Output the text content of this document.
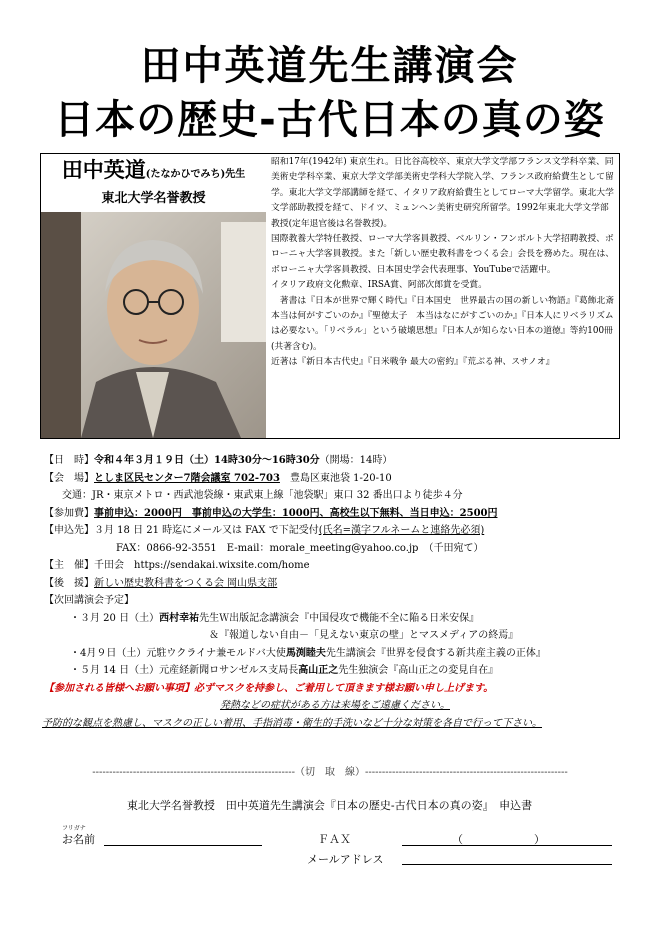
田中英道先生講演会
日本の歴史‐古代日本の真の姿
田中英道(たなかひでみち)先生
東北大学名誉教授

昭和17年(1942年) 東京生れ。日比谷高校卒、東京大学文学部フランス文学科卒業、同美術史学科卒業、東京大学文学部美術史学科大学院入学、フランス政府給費生として留学。東北大学文学部講師を経て、イタリア政府給費生としてローマ大学留学。東北大学文学部助教授を経て、ドイツ、ミュンヘン美術史研究所留学。1992年東北大学文学部教授(定年退官後は名誉教授)。

国際教養大学特任教授、ローマ大学客員教授、ベルリン・フンボルト大学招聘教授、ボローニャ大学客員教授。また「新しい歴史教科書をつくる会」会長を務めた。現在は、ボローニャ大学客員教授、日本国史学会代表理事、YouTubeで活躍中。

イタリア政府文化勲章、IRSA賞、阿部次郎賞を受賞。

　著書は『日本が世界で輝く時代』『日本国史　世界最古の国の新しい物語』『葛飾北斎　本当は何がすごいのか』『聖徳太子　本当はなにがすごいのか』『日本人にリベラリズムは必要ない。「リベラル」という破壊思想』『日本人が知らない日本の道徳』等約100冊(共著含む)。

近著は『新日本古代史』『日米戦争 最大の密約』『荒ぶる神、スサノオ』

【日　時】令和４年３月１９日（土）14時30分～16時30分（開場：14時）
【会　場】としま区民センター7階会議室 702-703　 豊島区東池袋 1-20-10
交通：JR・東京メトロ・西武池袋線・東武東上線「池袋駅」東口 32 番出口より徒歩４分
【参加費】事前申込：2000円　事前申込の大学生：1000円、高校生以下無料、当日申込：2500円
【申込先】３月 18 日 21 時迄にメール又は FAX で下記受付(氏名=漢字フルネームと連絡先必須)
FAX：0866-92-3551　E-mail：morale_meeting@yahoo.co.jp　（千田宛て）
【主　催】千田会　https://sendakai.wixsite.com/home
【後　援】新しい歴史教科書をつくる会 岡山県支部
【次回講演会予定】
・３月 20 日（土）西村幸祐先生Ｗ出版記念講演会『中国侵攻で機能不全に陥る日米安保』
＆『報道しない自由－「見えない東京の壁」とマスメディアの終焉』
・4月９日（土）元駐ウクライナ兼モルドバ大使馬渕睦夫先生講演会『世界を侵食する新共産主義の正体』
・５月 14 日（土）元産経新聞ロサンゼルス支局長高山正之先生独演会『高山正之の変見自在』
【参加される皆様へお願い事項】必ずマスクを持参し、ご着用して頂きます様お願い申し上げます。
発熱などの症状がある方は来場をご遠慮ください。
予防的な観点を熟慮し、マスクの正しい着用、手指消毒・衛生的手洗いなど十分な対策を各自で行って下さい。
------------------------------------------------------------（切　取　線）------------------------------------------------------------
東北大学名誉教授　田中英道先生講演会『日本の歴史‐古代日本の真の姿』　申込書
フリガナ
お名前	ＦＡＸ	（	）
メールアドレス
